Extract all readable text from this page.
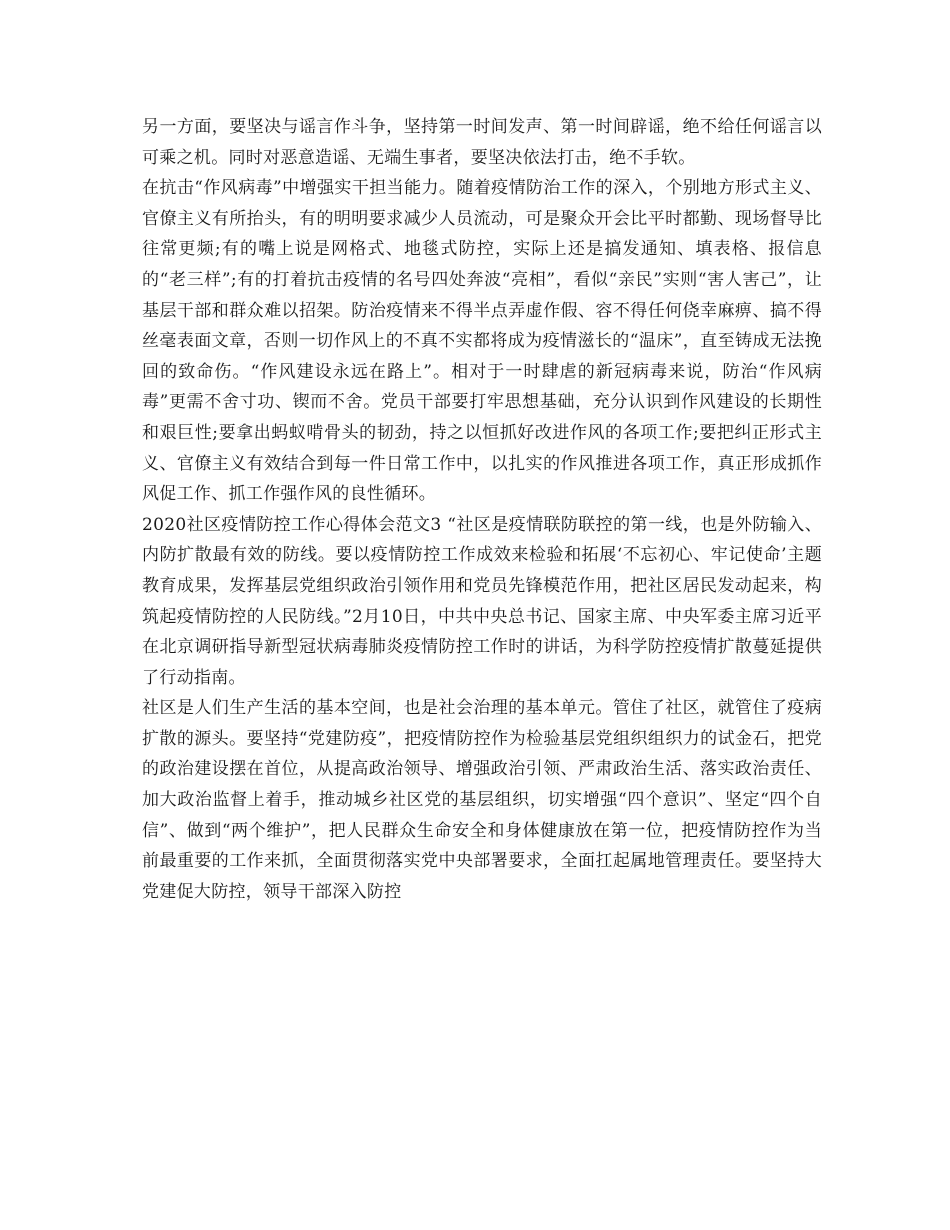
另一方面，要坚决与谣言作斗争，坚持第一时间发声、第一时间辟谣，绝不给任何谣言以可乘之机。同时对恶意造谣、无端生事者，要坚决依法打击，绝不手软。

在抗击“作风病毒”中增强实干担当能力。随着疫情防治工作的深入，个别地方形式主义、官僚主义有所抬头，有的明明要求减少人员流动，可是聚众开会比平时都勤、现场督导比往常更频;有的嘴上说是网格式、地毯式防控，实际上还是搞发通知、填表格、报信息的“老三样”;有的打着抗击疫情的名号四处奔波“亮相”，看似“亲民”实则“害人害己”，让基层干部和群众难以招架。防治疫情来不得半点弄虚作假、容不得任何侥幸麻痹、搞不得丝毫表面文章，否则一切作风上的不真不实都将成为疫情滋长的“温床”，直至铸成无法挽回的致命伤。“作风建设永远在路上”。相对于一时肆虐的新冠病毒来说，防治“作风病毒”更需不舍寸功、锲而不舍。党员干部要打牢思想基础，充分认识到作风建设的长期性和艰巨性;要拿出蚂蚁啃骨头的韧劲，持之以恒抓好改进作风的各项工作;要把纠正形式主义、官僚主义有效结合到每一件日常工作中，以扎实的作风推进各项工作，真正形成抓作风促工作、抓工作强作风的良性循环。

2020社区疫情防控工作心得体会范文3 “社区是疫情联防联控的第一线，也是外防输入、内防扩散最有效的防线。要以疫情防控工作成效来检验和拓展‘不忘初心、牢记使命’主题教育成果，发挥基层党组织政治引领作用和党员先锋模范作用，把社区居民发动起来，构筑起疫情防控的人民防线。”2月10日，中共中央总书记、国家主席、中央军委主席习近平在北京调研指导新型冠状病毒肺炎疫情防控工作时的讲话，为科学防控疫情扩散蔓延提供了行动指南。

社区是人们生产生活的基本空间，也是社会治理的基本单元。管住了社区，就管住了疫病扩散的源头。要坚持“党建防疫”，把疫情防控作为检验基层党组织组织力的试金石，把党的政治建设摆在首位，从提高政治领导、增强政治引领、严肃政治生活、落实政治责任、加大政治监督上着手，推动城乡社区党的基层组织，切实增强“四个意识”、坚定“四个自信”、做到“两个维护”，把人民群众生命安全和身体健康放在第一位，把疫情防控作为当前最重要的工作来抓，全面贯彻落实党中央部署要求，全面扛起属地管理责任。要坚持大党建促大防控，领导干部深入防控
